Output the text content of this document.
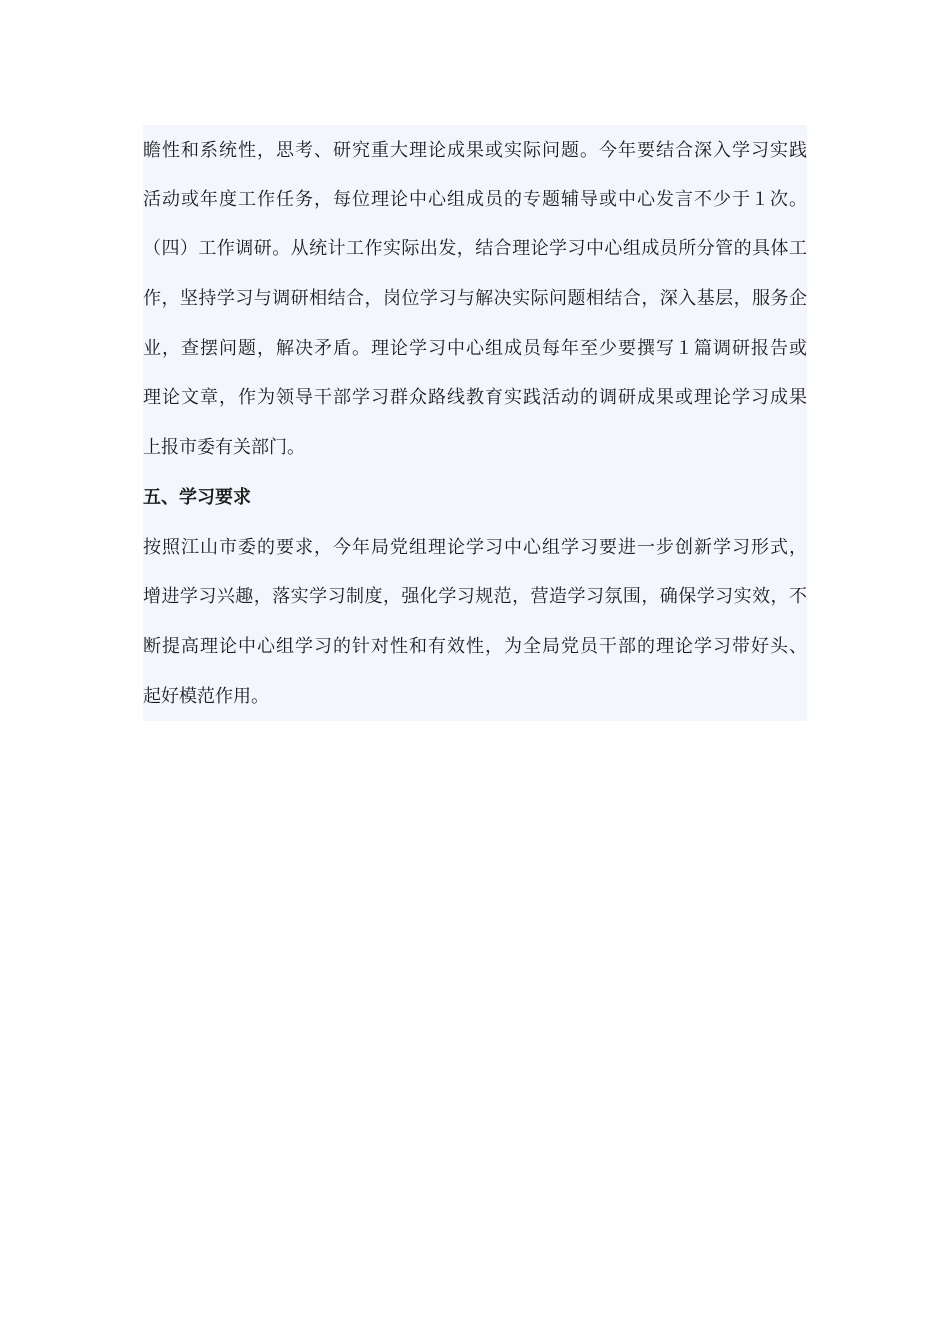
瞻性和系统性，思考、研究重大理论成果或实际问题。今年要结合深入学习实践
活动或年度工作任务，每位理论中心组成员的专题辅导或中心发言不少于１次。
（四）工作调研。从统计工作实际出发，结合理论学习中心组成员所分管的具体工
作，坚持学习与调研相结合，岗位学习与解决实际问题相结合，深入基层，服务企
业，查摆问题，解决矛盾。理论学习中心组成员每年至少要撰写１篇调研报告或
理论文章，作为领导干部学习群众路线教育实践活动的调研成果或理论学习成果
上报市委有关部门。
五、学习要求
按照江山市委的要求，今年局党组理论学习中心组学习要进一步创新学习形式，
增进学习兴趣，落实学习制度，强化学习规范，营造学习氛围，确保学习实效，不
断提高理论中心组学习的针对性和有效性，为全局党员干部的理论学习带好头、
起好模范作用。
